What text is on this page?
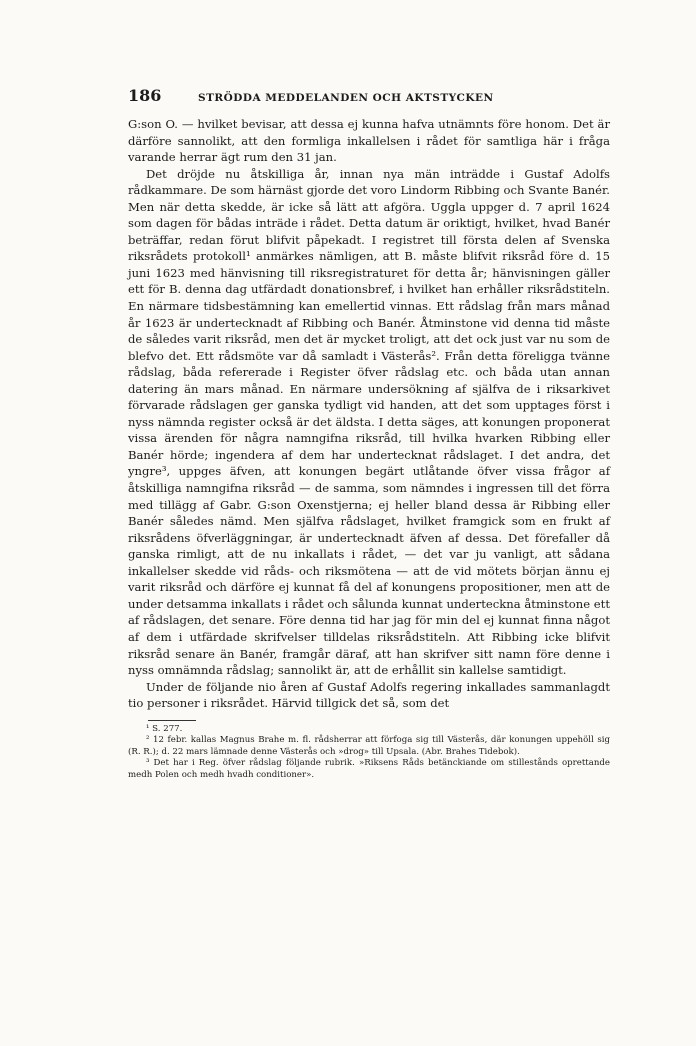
186	STRÖDDA MEDDELANDEN OCH AKTSTYCKEN

G:son O. — hvilket bevisar, att dessa ej kunna hafva utnämnts före honom. Det är därföre sannolikt, att den formliga inkallelsen i rådet för samtliga här i fråga varande herrar ägt rum den 31 jan.

Det dröjde nu åtskilliga år, innan nya män inträdde i Gustaf Adolfs rådkammare. De som härnäst gjorde det voro Lindorm Ribbing och Svante Banér. Men när detta skedde, är icke så lätt att afgöra. Uggla uppger d. 7 april 1624 som dagen för bådas inträde i rådet. Detta datum är oriktigt, hvilket, hvad Banér beträffar, redan förut blifvit påpekadt. I registret till första delen af Svenska riksrådets protokoll¹ anmärkes nämligen, att B. måste blifvit riksråd före d. 15 juni 1623 med hänvisning till riksregistraturet för detta år; hänvisningen gäller ett för B. denna dag utfärdadt donationsbref, i hvilket han erhåller riksrådstiteln. En närmare tidsbestämning kan emellertid vinnas. Ett rådslag från mars månad år 1623 är undertecknadt af Ribbing och Banér. Åtminstone vid denna tid måste de således varit riksråd, men det är mycket troligt, att det ock just var nu som de blefvo det. Ett rådsmöte var då samladt i Västerås². Från detta föreligga tvänne rådslag, båda refererade i Register öfver rådslag etc. och båda utan annan datering än mars månad. En närmare undersökning af själfva de i riksarkivet förvarade rådslagen ger ganska tydligt vid handen, att det som upptages först i nyss nämnda register också är det äldsta. I detta säges, att konungen proponerat vissa ärenden för några namngifna riksråd, till hvilka hvarken Ribbing eller Banér hörde; ingendera af dem har undertecknat rådslaget. I det andra, det yngre³, uppges äfven, att konungen begärt utlåtande öfver vissa frågor af åtskilliga namngifna riksråd — de samma, som nämndes i ingressen till det förra med tillägg af Gabr. G:son Oxenstjerna; ej heller bland dessa är Ribbing eller Banér således nämd. Men själfva rådslaget, hvilket framgick som en frukt af riksrådens öfverläggningar, är undertecknadt äfven af dessa. Det förefaller då ganska rimligt, att de nu inkallats i rådet, — det var ju vanligt, att sådana inkallelser skedde vid råds- och riksmötena — att de vid mötets början ännu ej varit riksråd och därföre ej kunnat få del af konungens propositioner, men att de under detsamma inkallats i rådet och sålunda kunnat underteckna åtminstone ett af rådslagen, det senare. Före denna tid har jag för min del ej kunnat finna något af dem i utfärdade skrifvelser tilldelas riksrådstiteln. Att Ribbing icke blifvit riksråd senare än Banér, framgår däraf, att han skrifver sitt namn före denne i nyss omnämnda rådslag; sannolikt är, att de erhållit sin kallelse samtidigt.

Under de följande nio åren af Gustaf Adolfs regering inkallades sammanlagdt tio personer i riksrådet. Härvid tillgick det så, som det

¹ S. 277.

² 12 febr. kallas Magnus Brahe m. fl. rådsherrar att förfoga sig till Västerås, där konungen uppehöll sig (R. R.); d. 22 mars lämnade denne Västerås och »drog» till Upsala. (Abr. Brahes Tidebok).

³ Det har i Reg. öfver rådslag följande rubrik. »Riksens Råds betänckiande om stillestånds oprettande medh Polen och medh hvadh conditioner».
